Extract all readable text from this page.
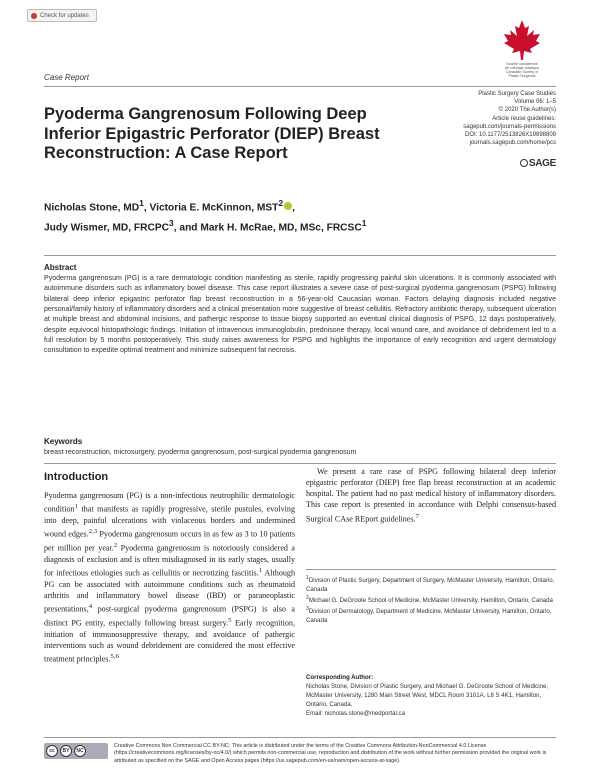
Check for updates
Société canadienne
de chirurgie plastique
Canadian Society of
Plastic Surgeons
Case Report
Pyoderma Gangrenosum Following Deep Inferior Epigastric Perforator (DIEP) Breast Reconstruction: A Case Report
Plastic Surgery Case Studies
Volume 06: 1–5
© 2020 The Author(s)
Article reuse guidelines:
sagepub.com/journals-permissions
DOI: 10.1177/2513826X19898809
journals.sagepub.com/home/pcs
SAGE
Nicholas Stone, $MD^1$, Victoria E. McKinnon, MST$^2$ ,
Judy Wismer, MD, FRCPC$^3$, and Mark H. McRae, MD, MSc, FRCSC$^1$
Abstract
Pyoderma gangrenosum (PG) is a rare dermatologic condition manifesting as sterile, rapidly progressing painful skin ulcerations. It is commonly associated with autoimmune disorders such as inflammatory bowel disease. This case report illustrates a severe case of post-surgical pyoderma gangrenosum (PSPG) following bilateral deep inferior epigastric perforator flap breast reconstruction in a 56-year-old Caucasian woman. Factors delaying diagnosis included negative personal/family history of inflammatory disorders and a clinical presentation more suggestive of breast cellulitis. Refractory antibiotic therapy, subsequent ulceration at multiple breast and abdominal incisions, and pathergic response to tissue biopsy supported an eventual clinical diagnosis of PSPG, 12 days postoperatively, despite equivocal histopathologic findings. Initiation of intravenous immunoglobulin, prednisone therapy, local wound care, and avoidance of debridement led to a full resolution by 5 months postoperatively. This study raises awareness for PSPG and highlights the importance of early recognition and urgent dermatology consultation to expedite optimal treatment and minimize subsequent fat necrosis.
Keywords
breast reconstruction, microsurgery, pyoderma gangrenosum, post-surgical pyoderma gangrenosum
Introduction
Pyoderma gangrenosum (PG) is a non-infectious neutrophilic dermatologic condition$^1$ that manifests as rapidly progressive, sterile pustules, evolving into deep, painful ulcerations with violaceous borders and undermined wound edges.$^{2,3}$ Pyoderma gangrenosum occurs in as few as 3 to 10 patients per million per year.$^2$ Pyoderma gangrenosum is notoriously considered a diagnosis of exclusion and is often misdiagnosed in its early stages, usually for infectious etiologies such as cellulitis or necrotizing fasciitis.$^1$ Although PG can be associated with autoimmune conditions such as rheumatoid arthritis and inflammatory bowel disease (IBD) or paraneoplastic presentations,$^4$ post-surgical pyoderma gangrenosum (PSPG) is also a distinct PG entity, especially following breast surgery.$^5$ Early recognition, initiation of immunosuppressive therapy, and avoidance of pathergic interventions such as wound debridement are considered the most effective treatment principles.$^{5,6}$
We present a rare case of PSPG following bilateral deep inferior epigastric perforator (DIEP) free flap breast reconstruction at an academic hospital. The patient had no past medical history of inflammatory disorders. This case report is presented in accordance with Delphi consensus-based Surgical CAse REport guidelines.$^7$
$^1$Division of Plastic Surgery, Department of Surgery, McMaster University, Hamilton, Ontario, Canada
$^2$Michael G. DeGroote School of Medicine, McMaster University, Hamilton, Ontario, Canada
$^3$Division of Dermatology, Department of Medicine, McMaster University, Hamilton, Ontario, Canada
Corresponding Author:
Nicholas Stone, Division of Plastic Surgery, and Michael G. DeGroote School of Medicine, McMaster University, 1280 Main Street West, MDCL Room 3101A, L8 S 4K1, Hamilton, Ontario, Canada.
Email: nicholas.stone@medportal.ca
cc	BY	NC
Creative Commons Non Commercial CC BY-NC: This article is distributed under the terms of the Creative Commons Attribution-NonCommercial 4.0 License (https://creativecommons.org/licenses/by-nc/4.0/) which permits non-commercial use, reproduction and distribution of the work without further permission provided the original work is attributed as specified on the SAGE and Open Access pages (https://us.sagepub.com/en-us/nam/open-access-at-sage).
